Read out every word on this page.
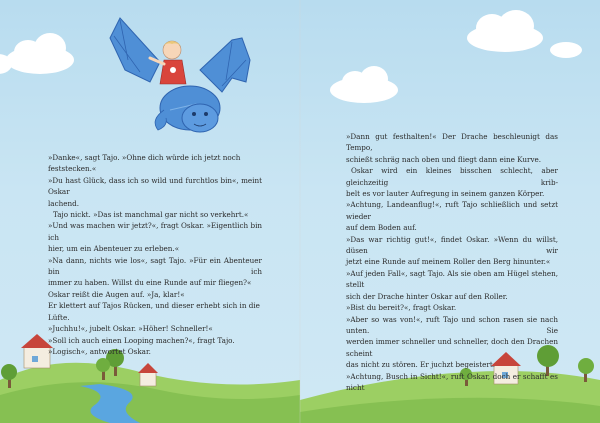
»Danke«, sagt Tajo. »Ohne dich würde ich jetzt noch feststecken.«

»Du hast Glück, dass ich so wild und furchtlos bin«, meint Oskar

lachend.

Tajo nickt. »Das ist manchmal gar nicht so verkehrt.«

»Und was machen wir jetzt?«, fragt Oskar. »Eigentlich bin ich

hier, um ein Abenteuer zu erleben.«

»Na dann, nichts wie los«, sagt Tajo. »Für ein Abenteuer bin ich

immer zu haben. Willst du eine Runde auf mir fliegen?«

Oskar reißt die Augen auf. »Ja, klar!«

Er klettert auf Tajos Rücken, und dieser erhebt sich in die Lüfte.

»Juchhu!«, jubelt Oskar. »Höher! Schneller!«

»Soll ich auch einen Looping machen?«, fragt Tajo.

»Logisch«, antwortet Oskar.

»Dann gut festhalten!« Der Drache beschleunigt das Tempo,

schießt schräg nach oben und fliegt dann eine Kurve.

Oskar wird ein kleines bisschen schlecht, aber gleichzeitig krib-

belt es vor lauter Aufregung in seinem ganzen Körper.

»Achtung, Landeanflug!«, ruft Tajo schließlich und setzt wieder

auf dem Boden auf.

»Das war richtig gut!«, findet Oskar. »Wenn du willst, düsen wir

jetzt eine Runde auf meinem Roller den Berg hinunter.«

»Auf jeden Fall«, sagt Tajo. Als sie oben am Hügel stehen, stellt

sich der Drache hinter Oskar auf den Roller.

»Bist du bereit?«, fragt Oskar.

»Aber so was von!«, ruft Tajo und schon rasen sie nach unten. Sie

werden immer schneller und schneller, doch den Drachen scheint

das nicht zu stören. Er juchzt begeistert.

»Achtung, Busch in Sicht!«, ruft Oskar, doch er schafft es nicht
